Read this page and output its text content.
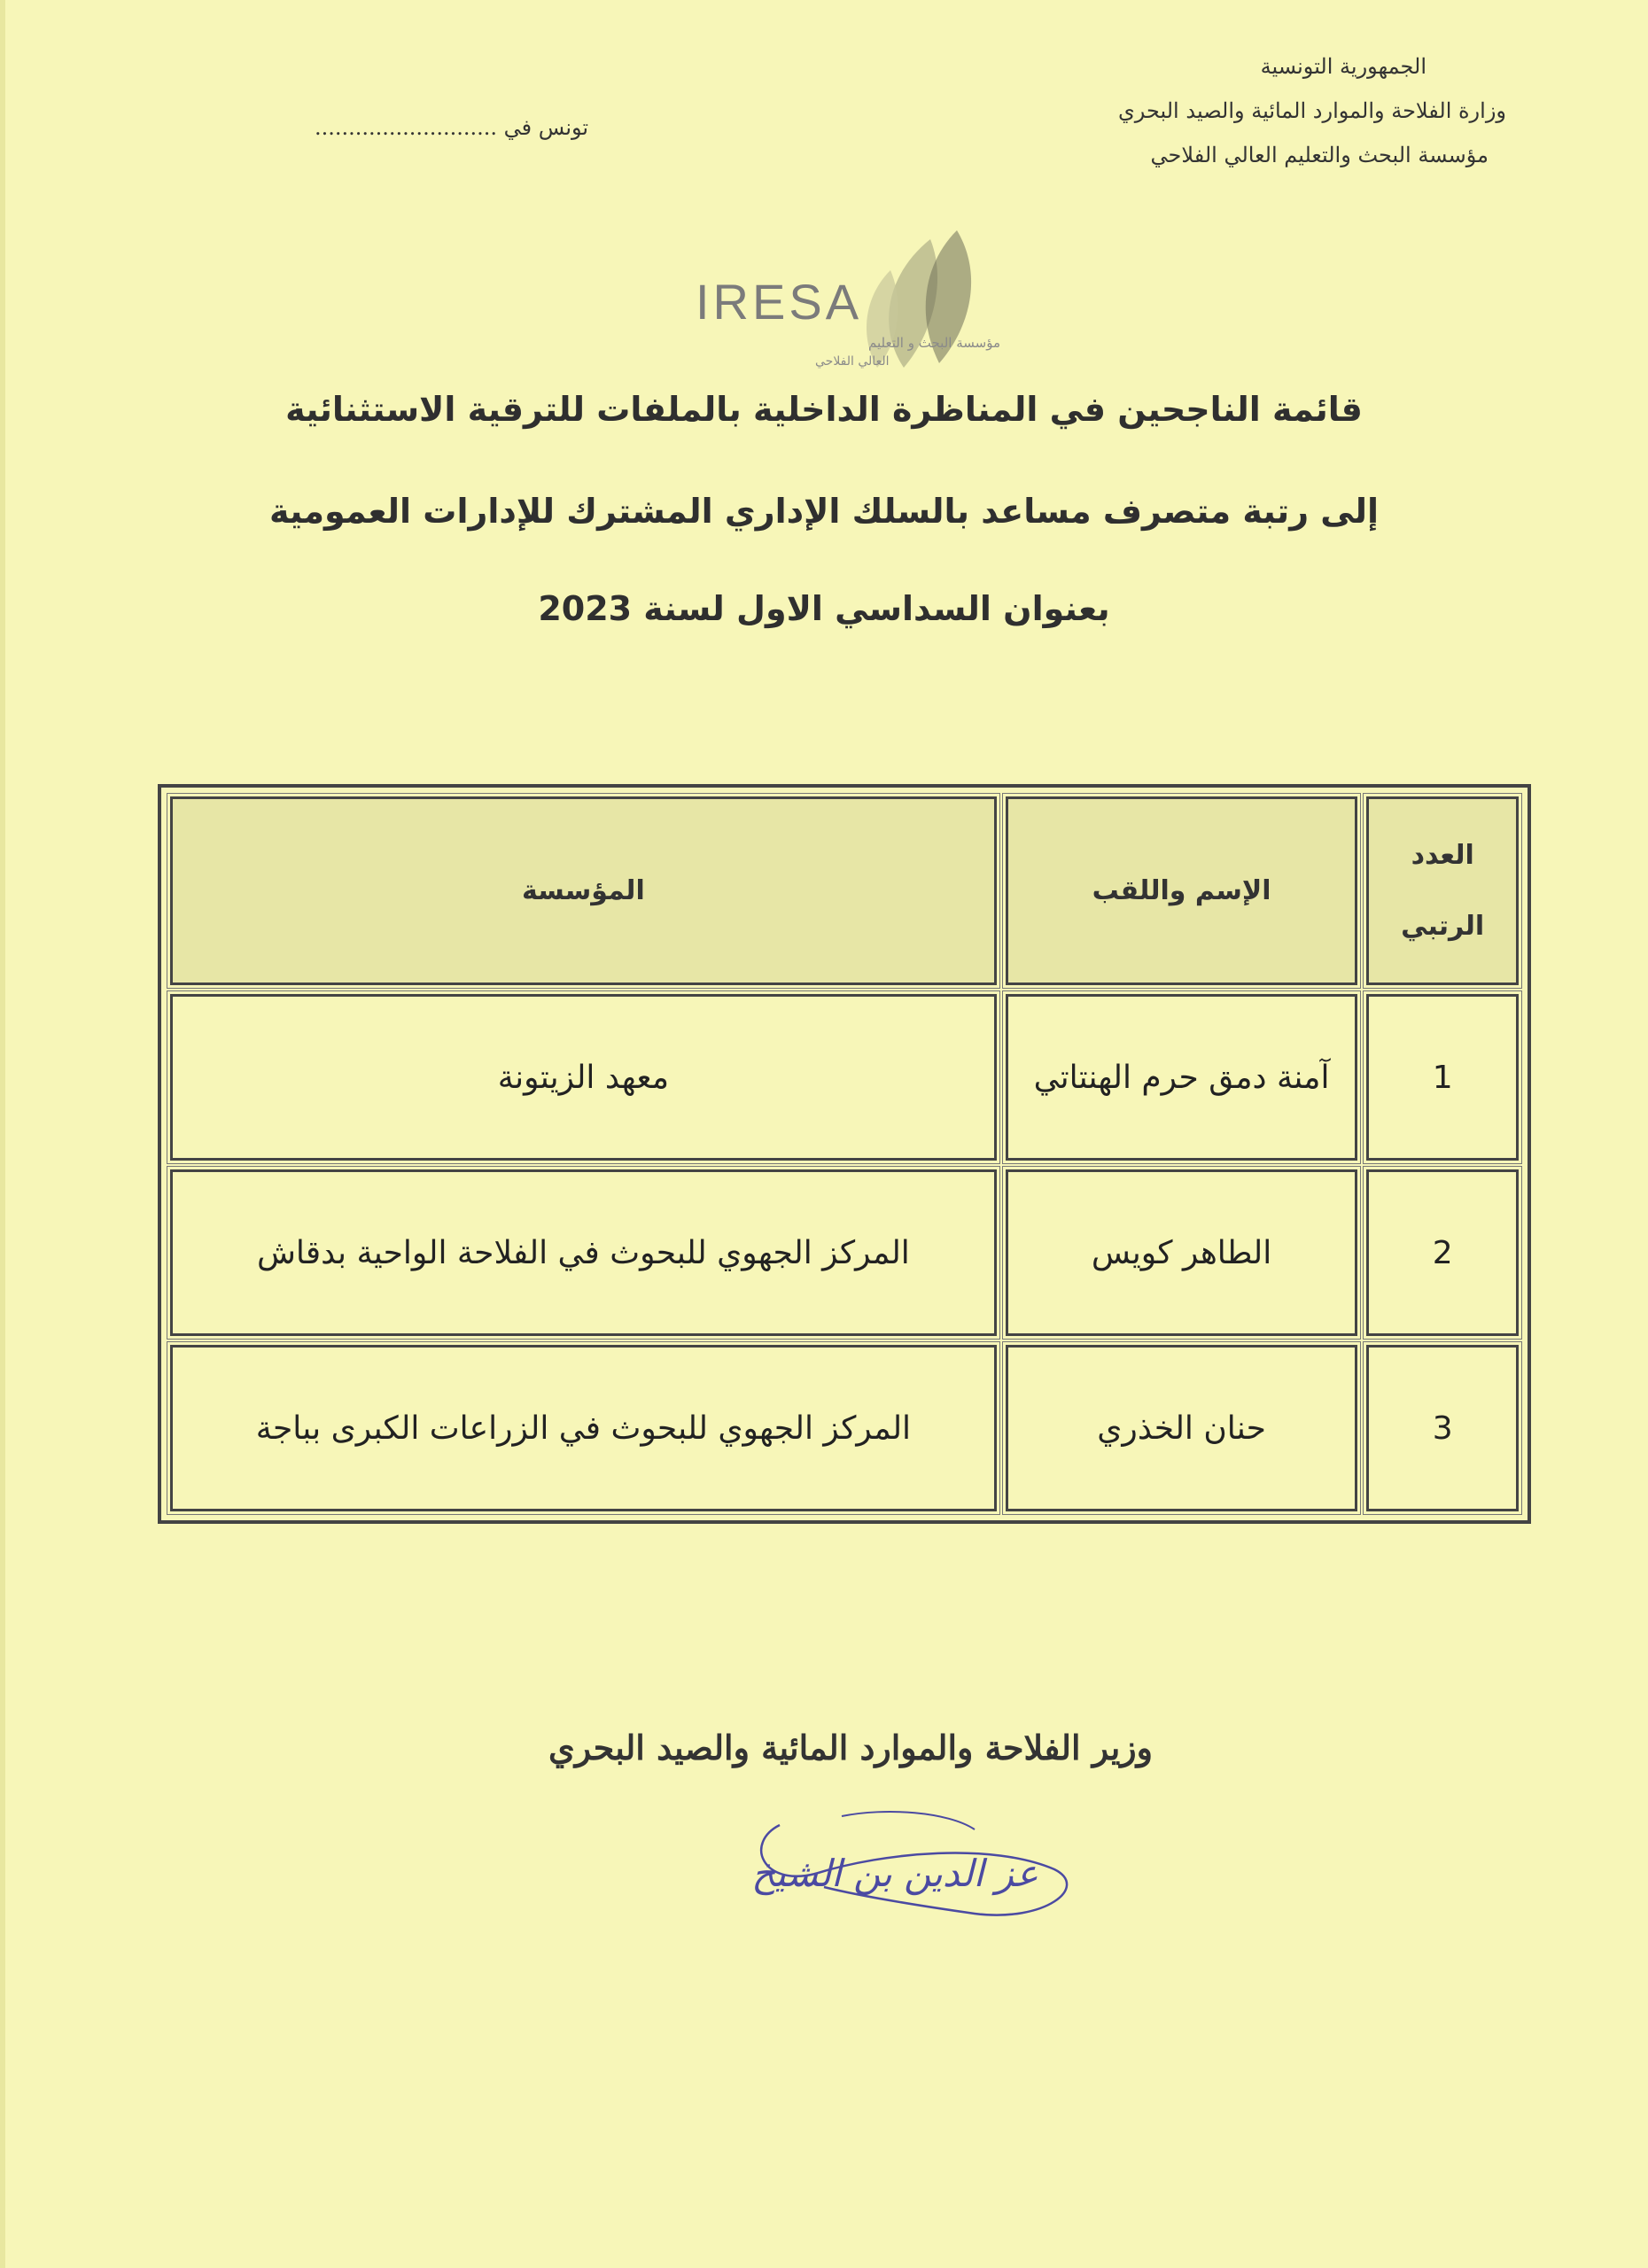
الجمهورية التونسية
وزارة الفلاحة والموارد المائية والصيد البحري
مؤسسة البحث والتعليم العالي الفلاحي
تونس في ...........................
IRESA
مؤسسة البحث و التعليم
العالي الفلاحي
قائمة الناجحين في المناظرة الداخلية بالملفات للترقية الاستثنائية
إلى رتبة متصرف مساعد بالسلك الإداري المشترك للإدارات العمومية
بعنوان السداسي الاول لسنة 2023
العدد
الرتبي	الإسم واللقب	المؤسسة
1	آمنة دمق حرم الهنتاتي	معهد الزيتونة
2	الطاهر كويس	المركز الجهوي للبحوث في الفلاحة الواحية بدقاش
3	حنان الخذري	المركز الجهوي للبحوث في الزراعات الكبرى بباجة
وزير الفلاحة والموارد المائية والصيد البحري
عز الدين بن الشيخ
